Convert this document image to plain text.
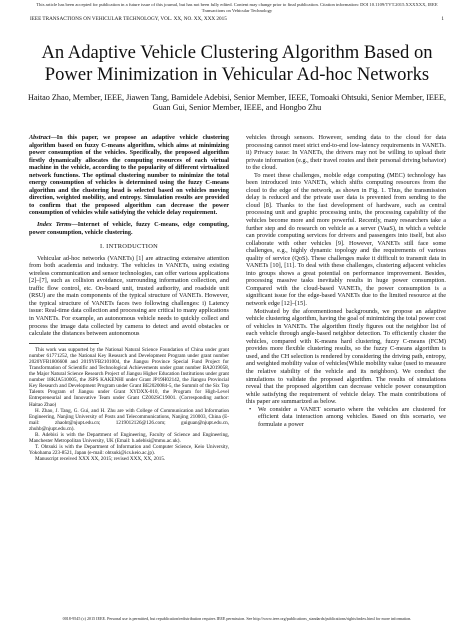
This article has been accepted for publication in a future issue of this journal, but has not been fully edited. Content may change prior to final publication. Citation information: DOI 10.1109/TVT.2015.XXXXXX, IEEE
Transactions on Vehicular Technology
IEEE TRANSACTIONS ON VEHICULAR TECHNOLOGY, VOL. XX, NO. XX, XXX 2015	1
An Adaptive Vehicle Clustering Algorithm Based on Power Minimization in Vehicular Ad-hoc Networks
Haitao Zhao, Member, IEEE, Jiawen Tang, Bamidele Adebisi, Senior Member, IEEE, Tomoaki Ohtsuki, Senior Member, IEEE, Guan Gui, Senior Member, IEEE, and Hongbo Zhu

Abstract—In this paper, we propose an adaptive vehicle clustering algorithm based on fuzzy C-means algorithm, which aims at minimizing power consumption of the vehicles. Specifically, the proposed algorithm firstly dynamically allocates the computing resources of each virtual machine in the vehicle, according to the popularity of different virtualized network functions. The optimal clustering number to minimize the total energy consumption of vehicles is determined using the fuzzy C-means algorithm and the clustering head is selected based on vehicles moving direction, weighted mobility, and entropy. Simulation results are provided to confirm that the proposed algorithm can decrease the power consumption of vehicles while satisfying the vehicle delay requirement.

Index Terms—Internet of vehicle, fuzzy C-means, edge computing, power consumption, vehicle clustering.

I. INTRODUCTION

Vehicular ad-hoc networks (VANETs) [1] are attracting extensive attention from both academia and industry. The vehicles in VANETs, using existing wireless communication and sensor technologies, can offer various applications [2]–[7], such as collision avoidance, surrounding information collection, and traffic flow control, etc. On-board unit, trusted authority, and roadside unit (RSU) are the main components of the typical structure of VANETs. However, the typical structure of VANETs faces two following challenges: i) Latency issue: Real-time data collection and processing are critical to many applications in VANETs. For example, an autonomous vehicle needs to quickly collect and process the image data collected by camera to detect and avoid obstacles or calculate the distances between autonomous

This work was supported by the National Natural Science Foundation of China under grant number 61771252, the National Key Research and Development Program under grant number 2020YFB1806608 and 2019YFB2101004, the Jiangsu Province Special Fund Project for Transformation of Scientific and Technological Achievements under grant number BA2019058, the Major Natural Science Research Project of Jiangsu Higher Education Institutions under grant number 18KJA510005, the JSPS KAKENHI under Grant JP19H02142, the Jiangsu Provincial Key Research and Development Program under Grant BE2020084-5, the Summit of the Six Top Talents Program of Jiangsu under Grant XYDXX-010, the Program for High-Level Entrepreneurial and Innovative Team under Grant CZ002SC19001. (Corresponding author: Haitao Zhao)

H. Zhao, J. Tang, G. Gui, and H. Zhu are with College of Communication and Information Engineering, Nanjing University of Posts and Telecommunications, Nanjing 210003, China (E-mail: zhaoht@njupt.edu.cn; 1219012126@126.com; guiguan@njupt.edu.cn, zhuhb@njupt.edu.cn).

B. Adebisi is with the Department of Engineering, Faculty of Science and Engineering, Manchester Metropolitan University, UK (Email: b.adebisi@mmu.ac.uk).

T. Ohtsuki is with the Department of Information and Computer Science, Keio University, Yokohama 223-8521, Japan (e-mail: ohtsuki@ics.keio.ac.jp).

Manuscript received XXX XX, 2015; revised XXX, XX, 2015.

vehicles through sensors. However, sending data to the cloud for data processing cannot meet strict end-to-end low-latency requirements in VANETs. ii) Privacy issue: In VANETs, the drivers may not be willing to upload their private information (e.g., their travel routes and their personal driving behavior) to the cloud.

To meet these challenges, mobile edge computing (MEC) technology has been introduced into VANETs, which shifts computing resources from the cloud to the edge of the network, as shown in Fig. 1. Thus, the transmission delay is reduced and the private user data is prevented from sending to the cloud [8]. Thanks to the fast development of hardware, such as central processing unit and graphic processing units, the processing capability of the vehicles become more and more powerful. Recently, many researchers take a further step and do research on vehicle as a server (VaaS), in which a vehicle can provide computing services for drivers and passengers into itself, but also collaborate with other vehicles [9]. However, VANETs still face some challenges, e.g., highly dynamic topology and the requirements of various quality of service (QoS). These challenges make it difficult to transmit data in VANETs [10], [11]. To deal with these challenges, clustering adjacent vehicles into groups shows a great potential on performance improvement. Besides, processing massive tasks inevitably results in huge power consumption. Compared with the cloud-based VANETs, the power consumption is a significant issue for the edge-based VANETs due to the limited resource at the network edge [12]–[15].

Motivated by the aforementioned backgrounds, we propose an adaptive vehicle clustering algorithm, having the goal of minimizing the total power cost of vehicles in VANETs. The algorithm firstly figures out the neighbor list of each vehicle through angle-based neighbor detection. To efficiently cluster the vehicles, compared with K-means hard clustering, fuzzy C-means (FCM) provides more flexible clustering results, so the fuzzy C-means algorithm is used, and the CH selection is rendered by considering the driving path, entropy, and weighted mobility value of vehicles(While mobility value (used to measure the relative stability of the vehicle and its neighbors). We conduct the simulations to validate the proposed algorithm. The results of simulations reveal that the proposed algorithm can decrease vehicle power consumption while satisfying the requirement of vehicle delay. The main contributions of this paper are summarized as below.

• We consider a VANET scenario where the vehicles are clustered for efficient data interaction among vehicles. Based on this scenario, we formulate a power
0018-9545 (c) 2015 IEEE. Personal use is permitted, but republication/redistribution requires IEEE permission. See http://www.ieee.org/publications_standards/publications/rights/index.html for more information.
